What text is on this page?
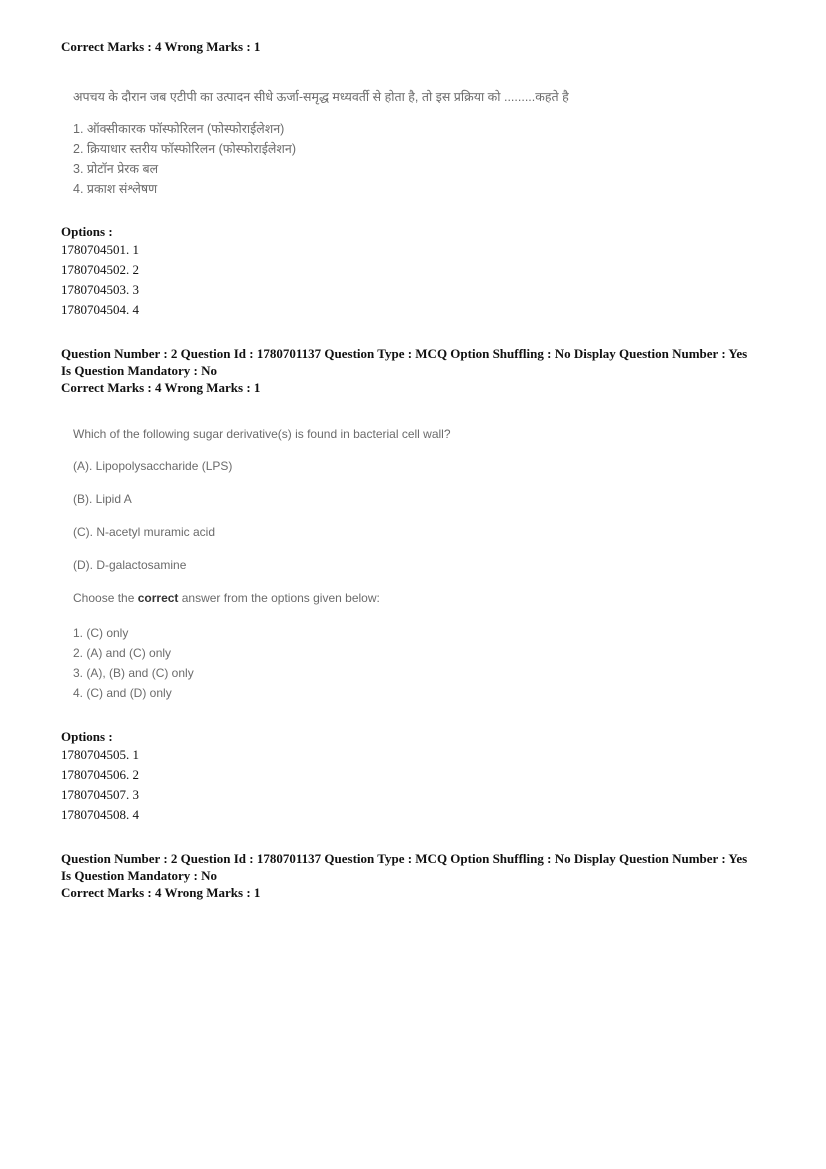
Correct Marks : 4 Wrong Marks : 1
अपचय के दौरान जब एटीपी का उत्पादन सीधे ऊर्जा-समृद्ध मध्यवर्ती से होता है, तो इस प्रक्रिया को .........कहते है
1. ऑक्सीकारक फॉस्फोरिलन (फोस्फोराईलेशन)
2. क्रियाधार स्तरीय फॉस्फोरिलन (फोस्फोराईलेशन)
3. प्रोटॉन प्रेरक बल
4. प्रकाश संश्लेषण
Options :
1780704501. 1
1780704502. 2
1780704503. 3
1780704504. 4
Question Number : 2 Question Id : 1780701137 Question Type : MCQ Option Shuffling : No Display Question Number : Yes
Is Question Mandatory : No
Correct Marks : 4 Wrong Marks : 1
Which of the following sugar derivative(s) is found in bacterial cell wall?
(A). Lipopolysaccharide (LPS)
(B). Lipid A
(C). N-acetyl muramic acid
(D). D-galactosamine
Choose the correct answer from the options given below:
1. (C) only
2. (A) and (C) only
3. (A), (B) and (C) only
4. (C) and (D) only
Options :
1780704505. 1
1780704506. 2
1780704507. 3
1780704508. 4
Question Number : 2 Question Id : 1780701137 Question Type : MCQ Option Shuffling : No Display Question Number : Yes
Is Question Mandatory : No
Correct Marks : 4 Wrong Marks : 1
